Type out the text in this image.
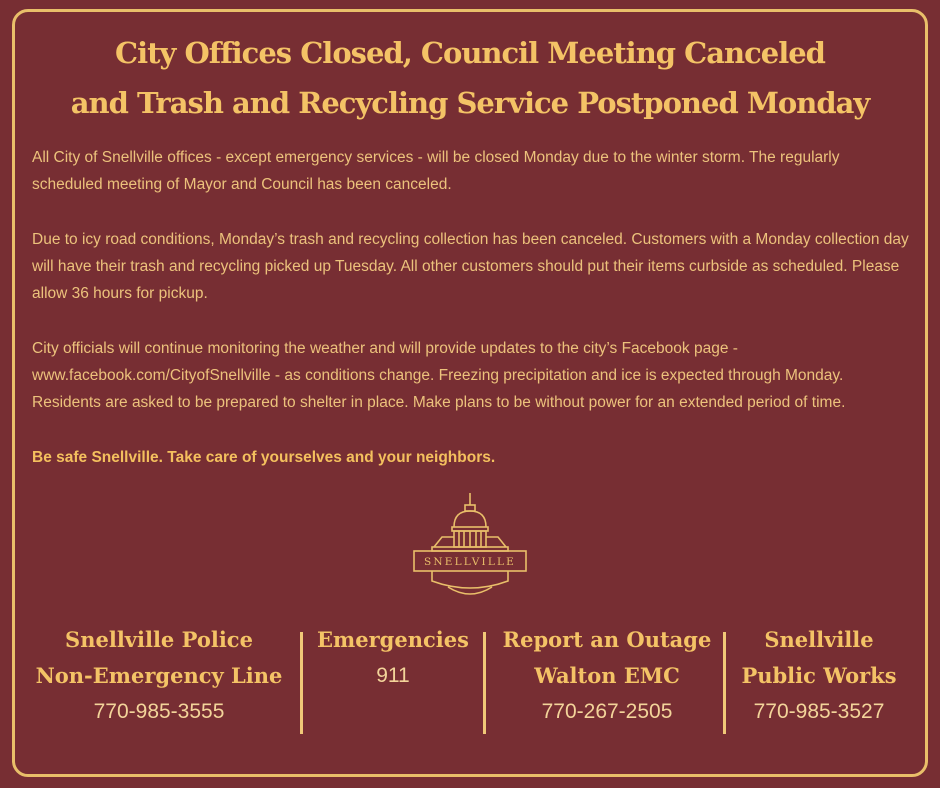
City Offices Closed, Council Meeting Canceled
and Trash and Recycling Service Postponed Monday

All City of Snellville offices - except emergency services - will be closed Monday due to the winter storm. The regularly scheduled meeting of Mayor and Council has been canceled.

Due to icy road conditions, Monday’s trash and recycling collection has been canceled. Customers with a Monday collection day will have their trash and recycling picked up Tuesday. All other customers should put their items curbside as scheduled. Please allow 36 hours for pickup.

City officials will continue monitoring the weather and will provide updates to the city’s Facebook page - www.facebook.com/CityofSnellville - as conditions change. Freezing precipitation and ice is expected through Monday. Residents are asked to be prepared to shelter in place. Make plans to be without power for an extended period of time.

Be safe Snellville. Take care of yourselves and your neighbors.

SNELLVILLE
Snellville Police
Non-Emergency Line
770-985-3555
Emergencies
911
Report an Outage
Walton EMC
770-267-2505
Snellville
Public Works
770-985-3527
